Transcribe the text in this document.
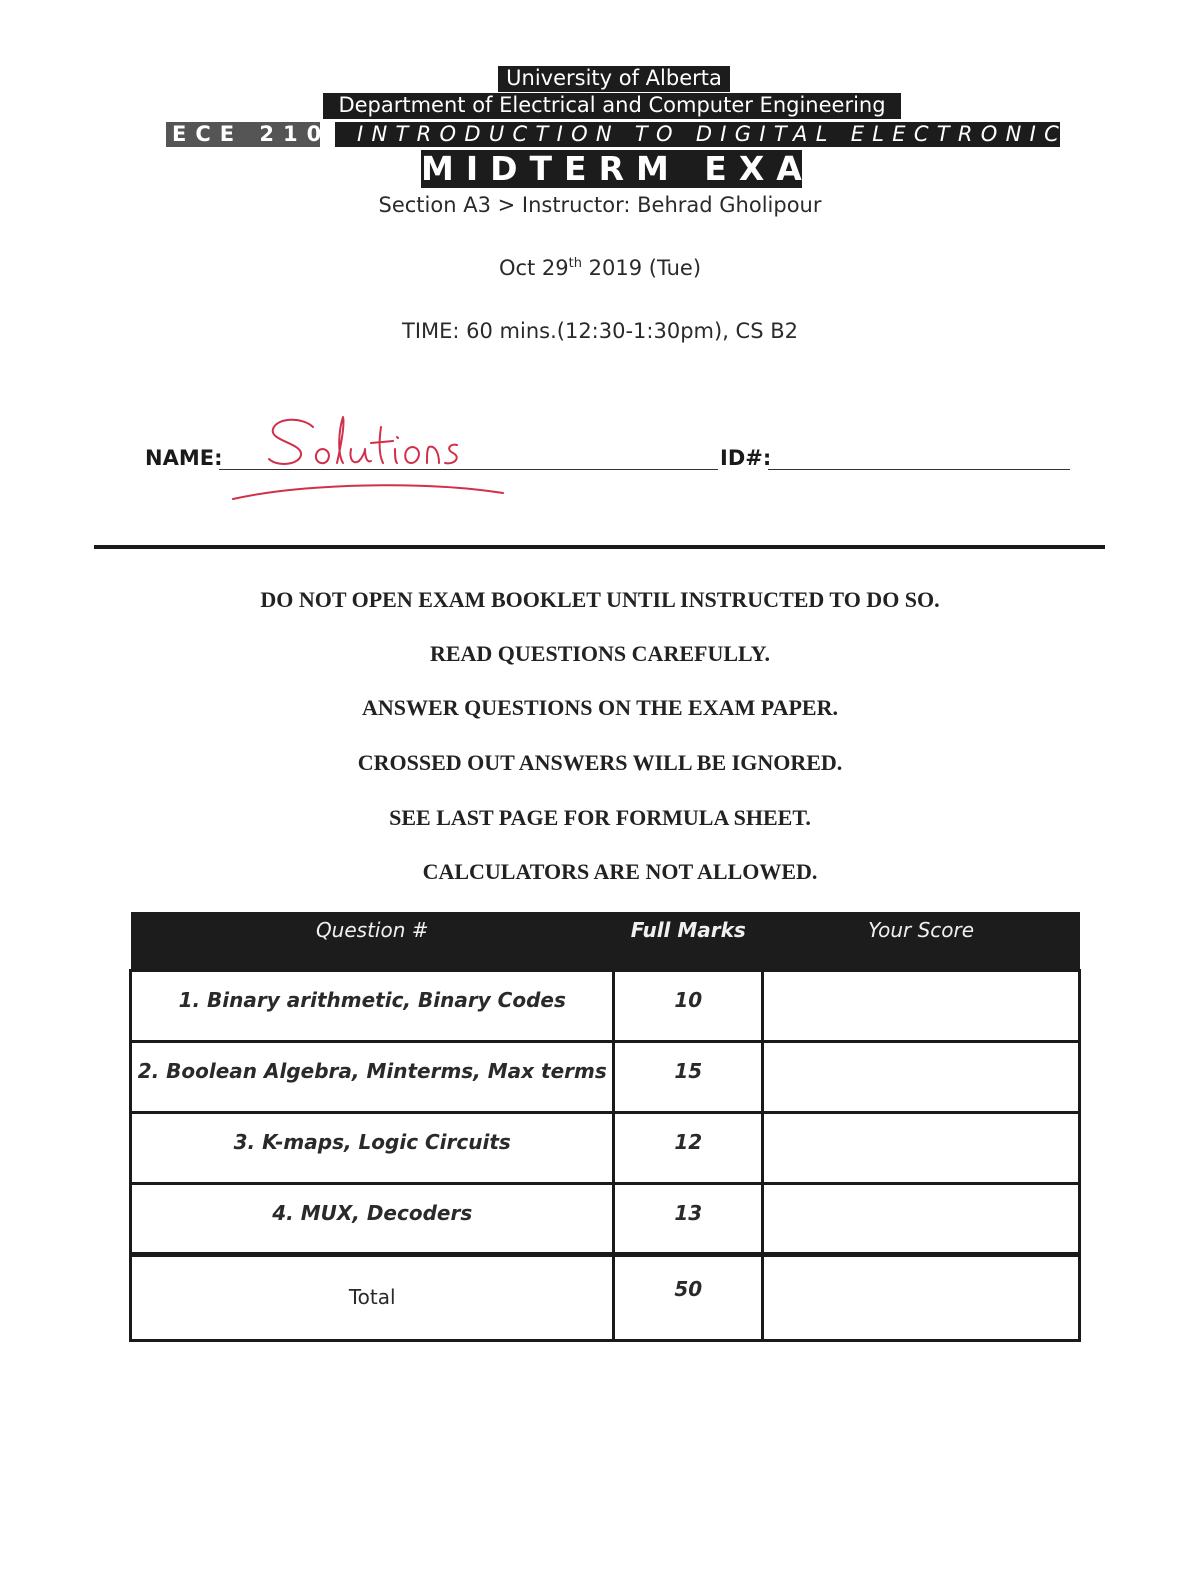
University of Alberta
Department of Electrical and Computer Engineering
ECE 210	INTRODUCTION TO DIGITAL ELECTRONICS
MIDTERM EXAM
Section A3 > Instructor: Behrad Gholipour
Oct 29th 2019 (Tue)
TIME: 60 mins.(12:30-1:30pm), CS B2
NAME:	ID#:
DO NOT OPEN EXAM BOOKLET UNTIL INSTRUCTED TO DO SO.
READ QUESTIONS CAREFULLY.
ANSWER QUESTIONS ON THE EXAM PAPER.
CROSSED OUT ANSWERS WILL BE IGNORED.
SEE LAST PAGE FOR FORMULA SHEET.
CALCULATORS ARE NOT ALLOWED.
Question #	Full Marks	Your Score
1. Binary arithmetic, Binary Codes	10	
2. Boolean Algebra, Minterms, Max terms	15	
3. K-maps, Logic Circuits	12	
4. MUX, Decoders	13	
Total	50	
